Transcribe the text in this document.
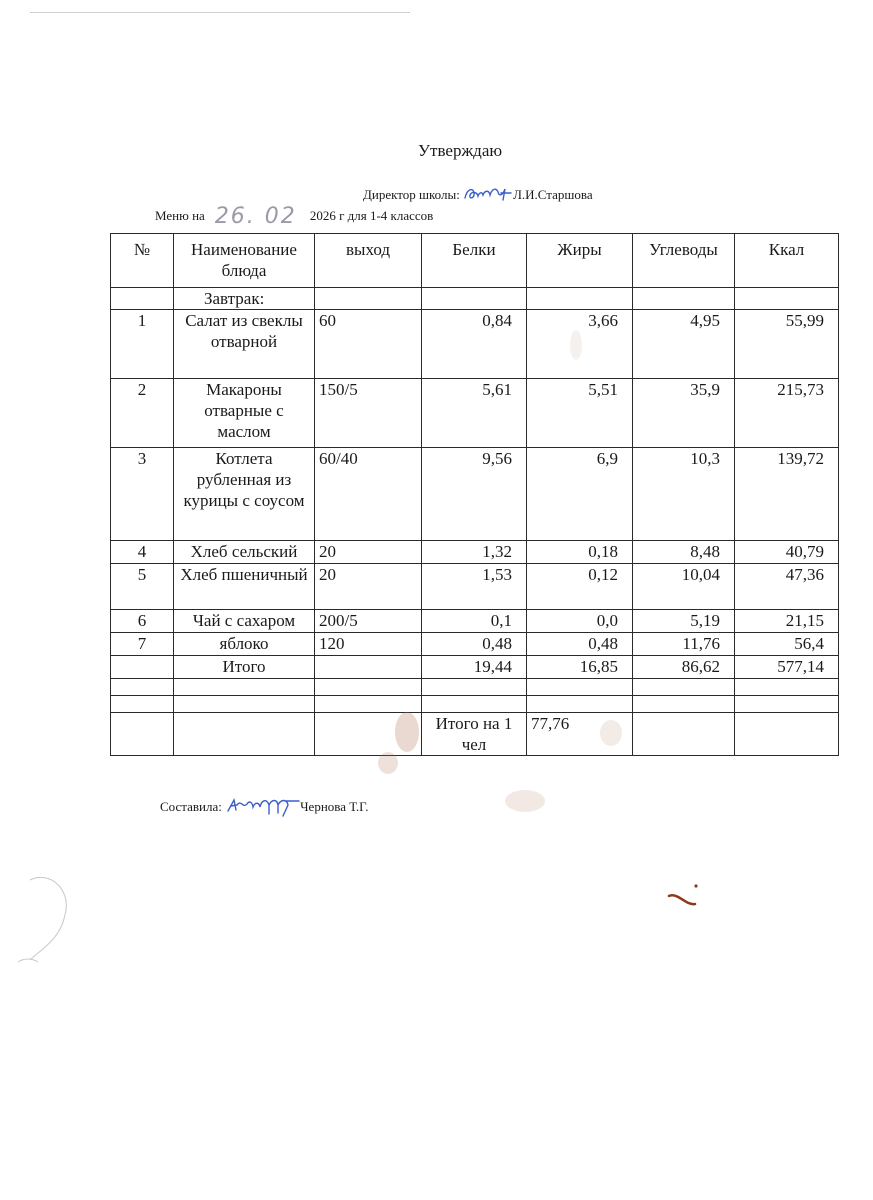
Утверждаю
Директор школы:	Л.И.Старшова
Меню на 26. 02 2026 г для 1-4 классов
№	Наименование блюда	выход	Белки	Жиры	Углеводы	Ккал
	Завтрак:					
1	Салат из свеклы отварной	60	0,84	3,66	4,95	55,99
2	Макароны отварные с маслом	150/5	5,61	5,51	35,9	215,73
3	Котлета рубленная из курицы с соусом	60/40	9,56	6,9	10,3	139,72
4	Хлеб сельский	20	1,32	0,18	8,48	40,79
5	Хлеб пшеничный	20	1,53	0,12	10,04	47,36
6	Чай с сахаром	200/5	0,1	0,0	5,19	21,15
7	яблоко	120	0,48	0,48	11,76	56,4
	Итого		19,44	16,85	86,62	577,14

			Итого на 1 чел	77,76		
Составила:	Чернова Т.Г.
